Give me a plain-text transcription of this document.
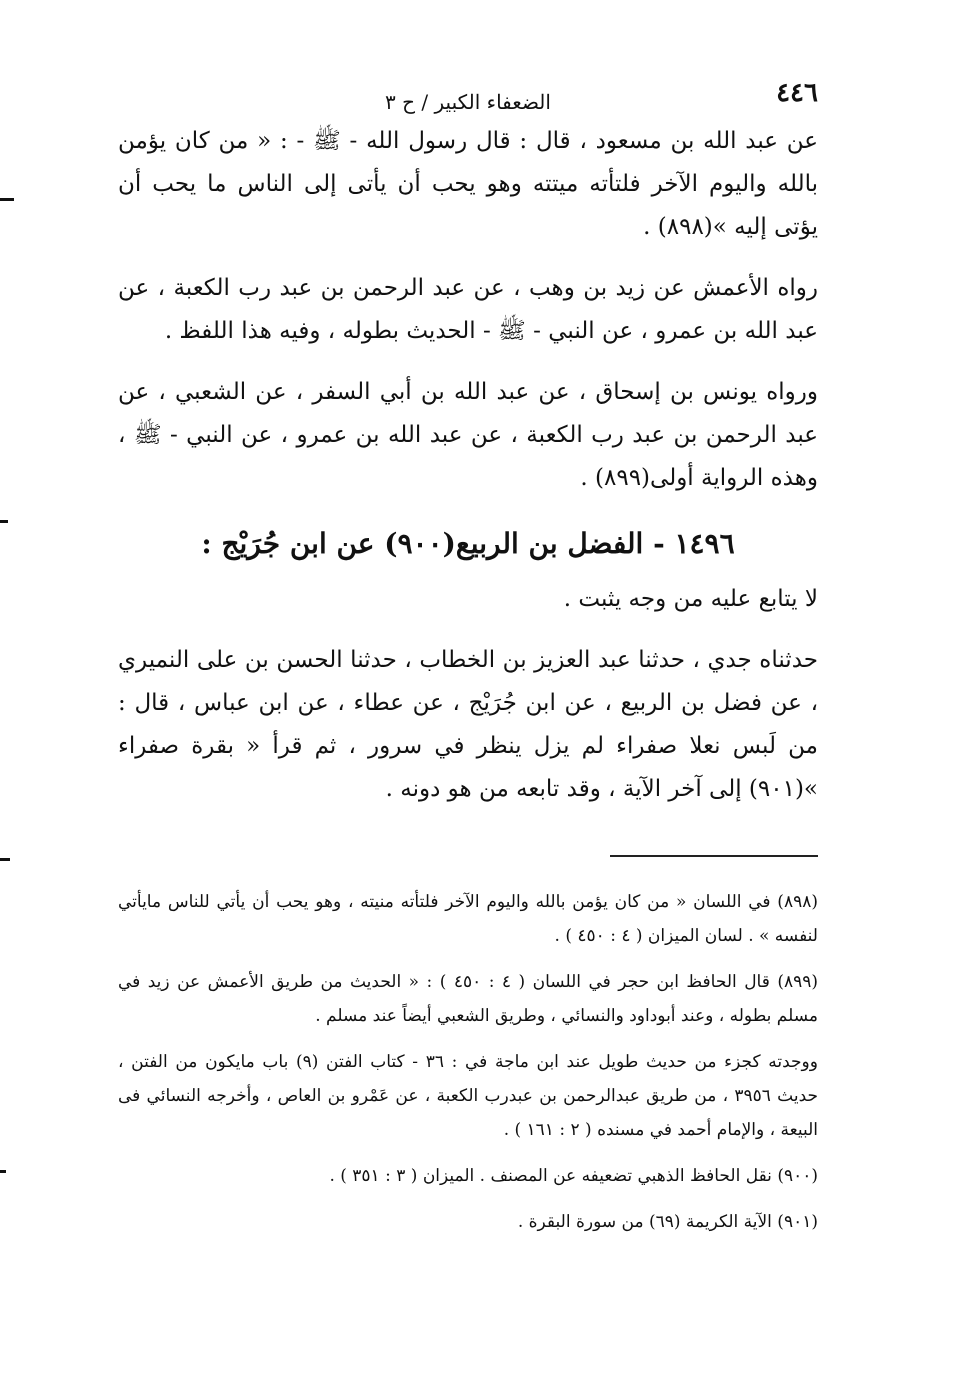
٤٤٦
الضعفاء الكبير / ح ٣

عن عبد الله بن مسعود ، قال : قال رسول الله - ﷺ - : « من كان يؤمن بالله واليوم الآخر فلتأته ميتته وهو يحب أن يأتى إلى الناس ما يحب أن يؤتى إليه »(٨٩٨) .

رواه الأعمش عن زيد بن وهب ، عن عبد الرحمن بن عبد رب الكعبة ، عن عبد الله بن عمرو ، عن النبي - ﷺ - الحديث بطوله ، وفيه هذا اللفظ .

ورواه يونس بن إسحاق ، عن عبد الله بن أبي السفر ، عن الشعبي ، عن عبد الرحمن بن عبد رب الكعبة ، عن عبد الله بن عمرو ، عن النبي - ﷺ ، وهذه الرواية أولى(٨٩٩) .

١٤٩٦ - الفضل بن الربيع(٩٠٠) عن ابن جُرَيْج :

لا يتابع عليه من وجه يثبت .

حدثناه جدي ، حدثنا عبد العزيز بن الخطاب ، حدثنا الحسن بن على النميري ، عن فضل بن الربيع ، عن ابن جُرَيْج ، عن عطاء ، عن ابن عباس ، قال : من لَبس نعلا صفراء لم يزل ينظر في سرور ، ثم قرأ « بقرة صفراء »(٩٠١) إلى آخر الآية ، وقد تابعه من هو دونه .

(٨٩٨) في اللسان « من كان يؤمن بالله واليوم الآخر فلتأته منيته ، وهو يحب أن يأتي للناس مايأتي لنفسه » . لسان الميزان ( ٤ : ٤٥٠ ) .

(٨٩٩) قال الحافظ ابن حجر في اللسان ( ٤ : ٤٥٠ ) : « الحديث من طريق الأعمش عن زيد في مسلم بطوله ، وعند أبوداود والنسائي ، وطريق الشعبي أيضاً عند مسلم .

ووجدته كجزء من حديث طويل عند ابن ماجة في : ٣٦ - كتاب الفتن (٩) باب مايكون من الفتن ، حديث ٣٩٥٦ ، من طريق عبدالرحمن بن عبدرب الكعبة ، عن عَمْرو بن العاص ، وأخرجه النسائي فى البيعة ، والإمام أحمد في مسنده ( ٢ : ١٦١ ) .

(٩٠٠) نقل الحافظ الذهبي تضعيفه عن المصنف . الميزان ( ٣ : ٣٥١ ) .

(٩٠١) الآية الكريمة (٦٩) من سورة البقرة .
